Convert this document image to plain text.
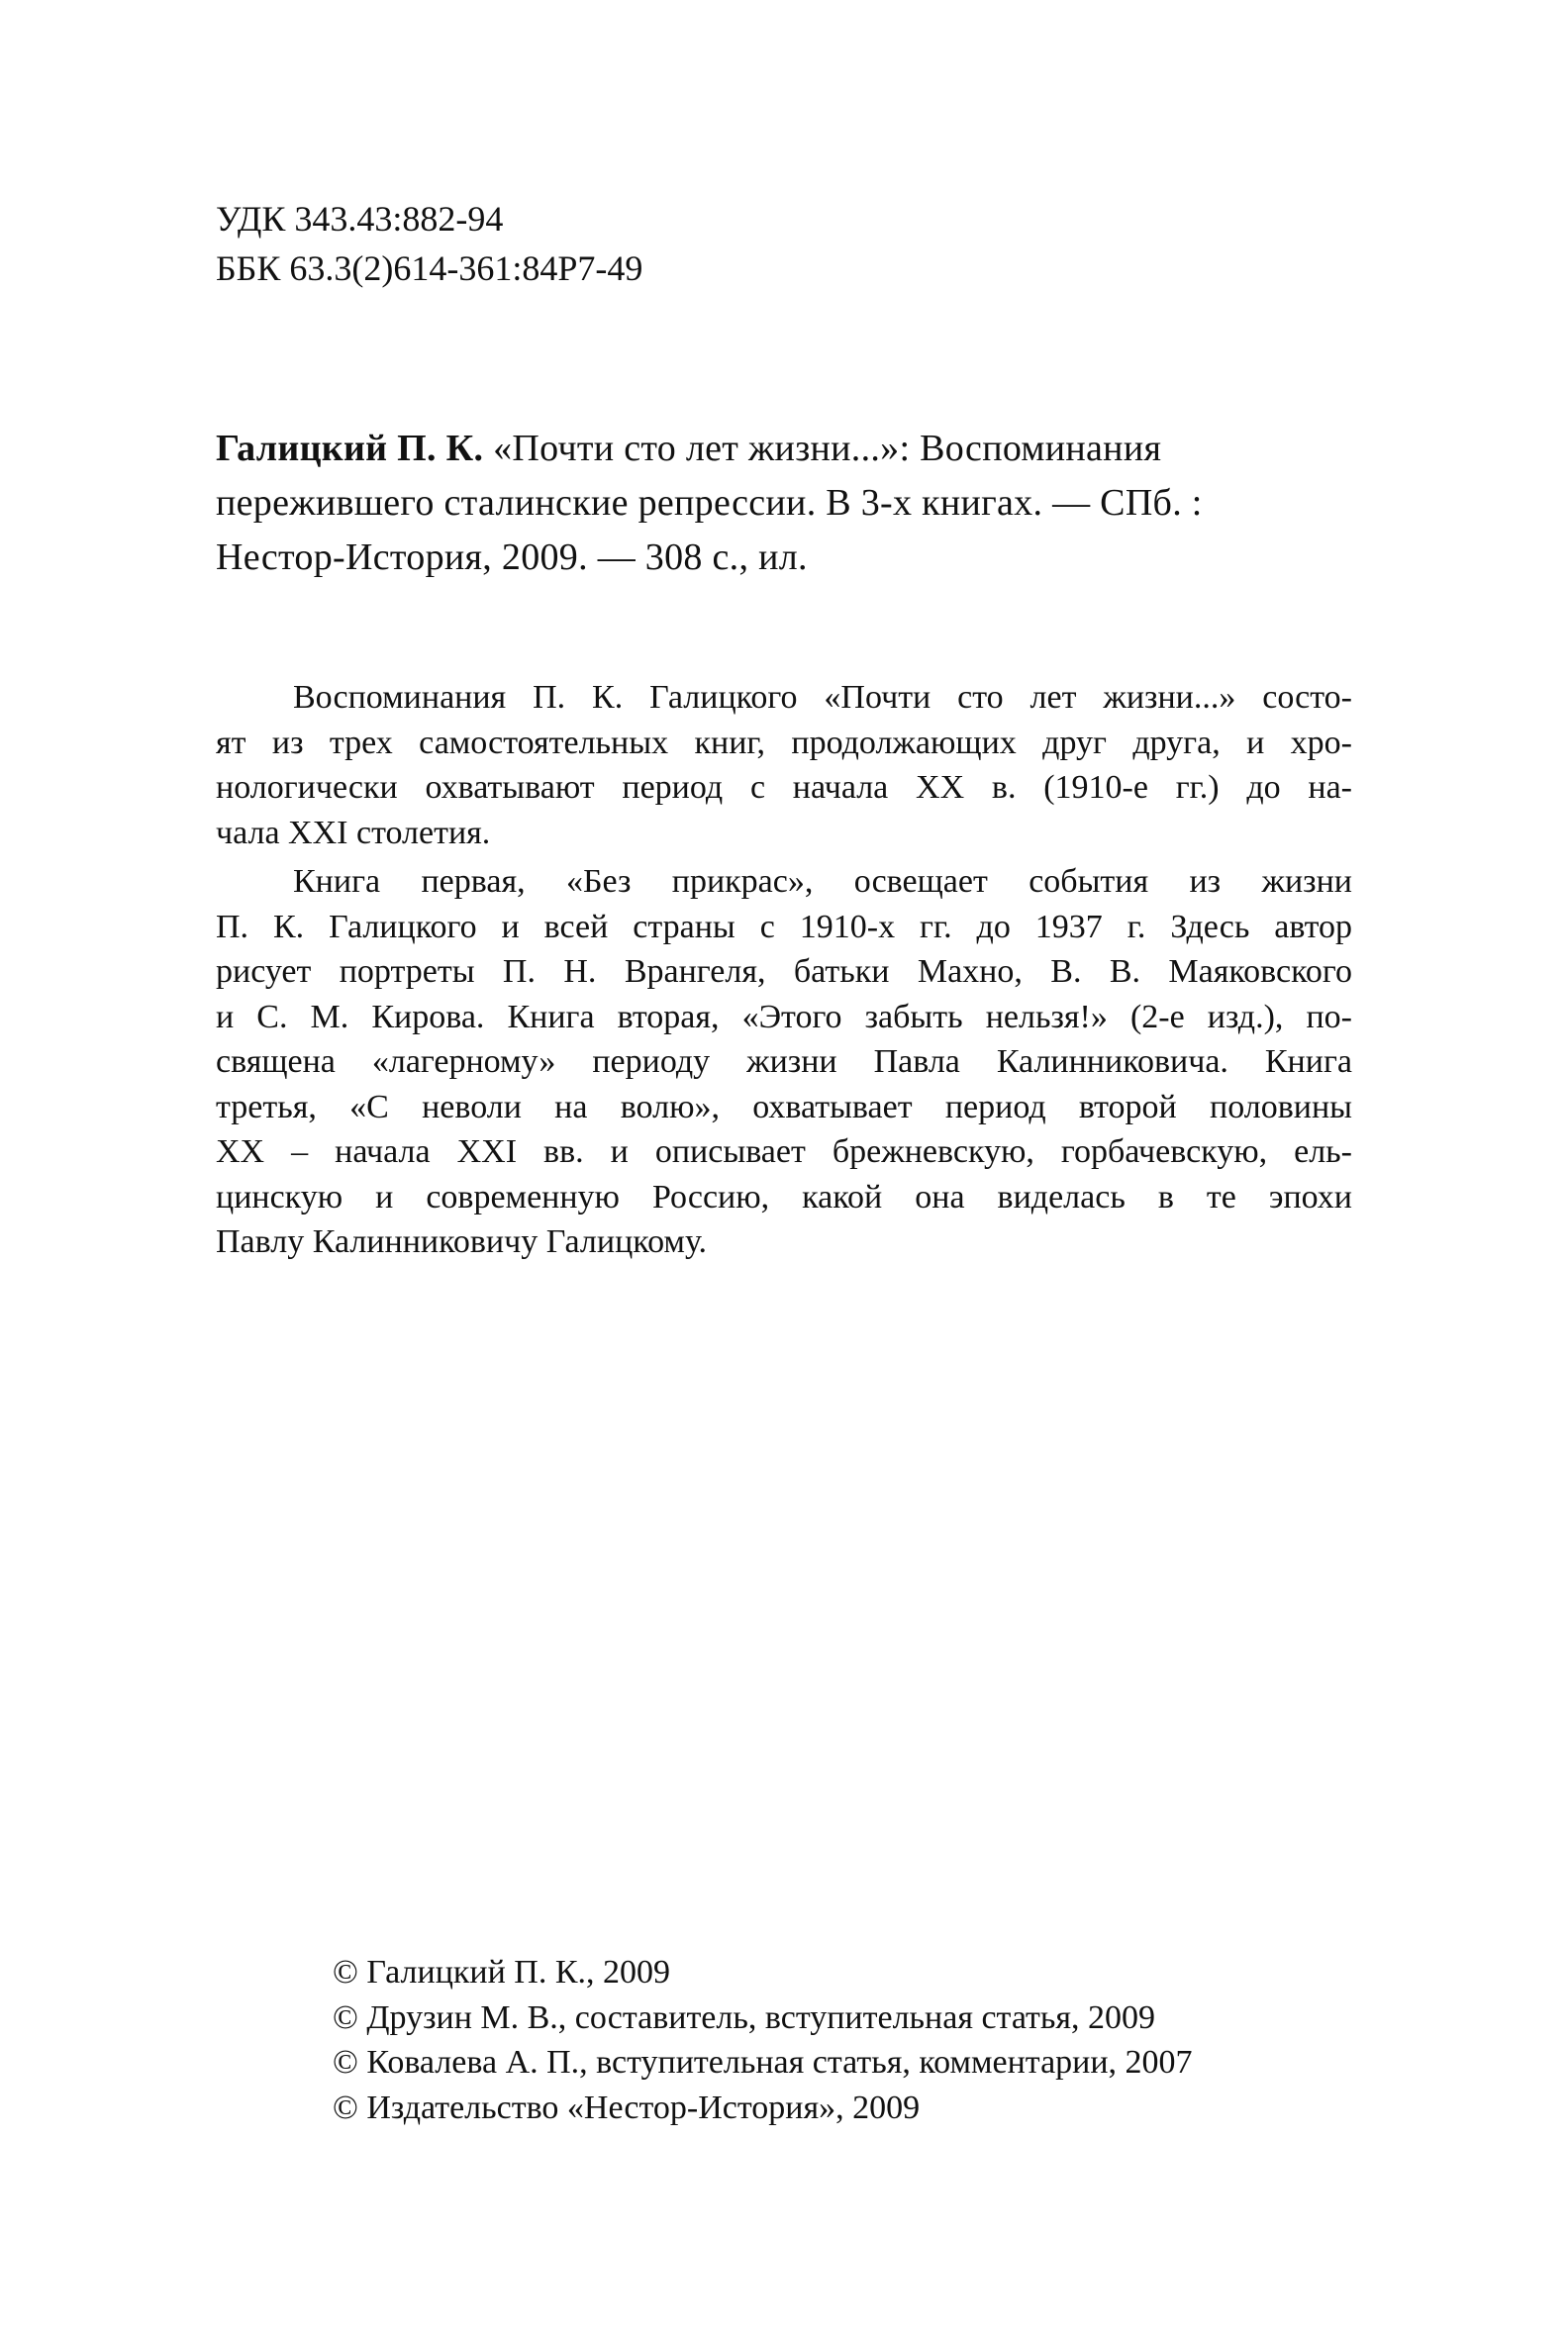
УДК 343.43:882-94
ББК 63.3(2)614-361:84Р7-49
Галицкий П. К. «Почти сто лет жизни...»: Воспоминания
пережившего сталинские репрессии. В 3-х книгах. — СПб. :
Нестор-История, 2009. — 308 с., ил.
Воспоминания П. К. Галицкого «Почти сто лет жизни...» состо-
ят из трех самостоятельных книг, продолжающих друг друга, и хро-
нологически охватывают период с начала XX в. (1910-е гг.) до на-
чала XXI столетия.
Книга первая, «Без прикрас», освещает события из жизни
П. К. Галицкого и всей страны с 1910-х гг. до 1937 г. Здесь автор
рисует портреты П. Н. Врангеля, батьки Махно, В. В. Маяковского
и С. М. Кирова. Книга вторая, «Этого забыть нельзя!» (2-е изд.), по-
священа «лагерному» периоду жизни Павла Калинниковича. Книга
третья, «С неволи на волю», охватывает период второй половины
XX – начала XXI вв. и описывает брежневскую, горбачевскую, ель-
цинскую и современную Россию, какой она виделась в те эпохи
Павлу Калинниковичу Галицкому.
© Галицкий П. К., 2009
© Друзин М. В., составитель, вступительная статья, 2009
© Ковалева А. П., вступительная статья, комментарии, 2007
© Издательство «Нестор-История», 2009
